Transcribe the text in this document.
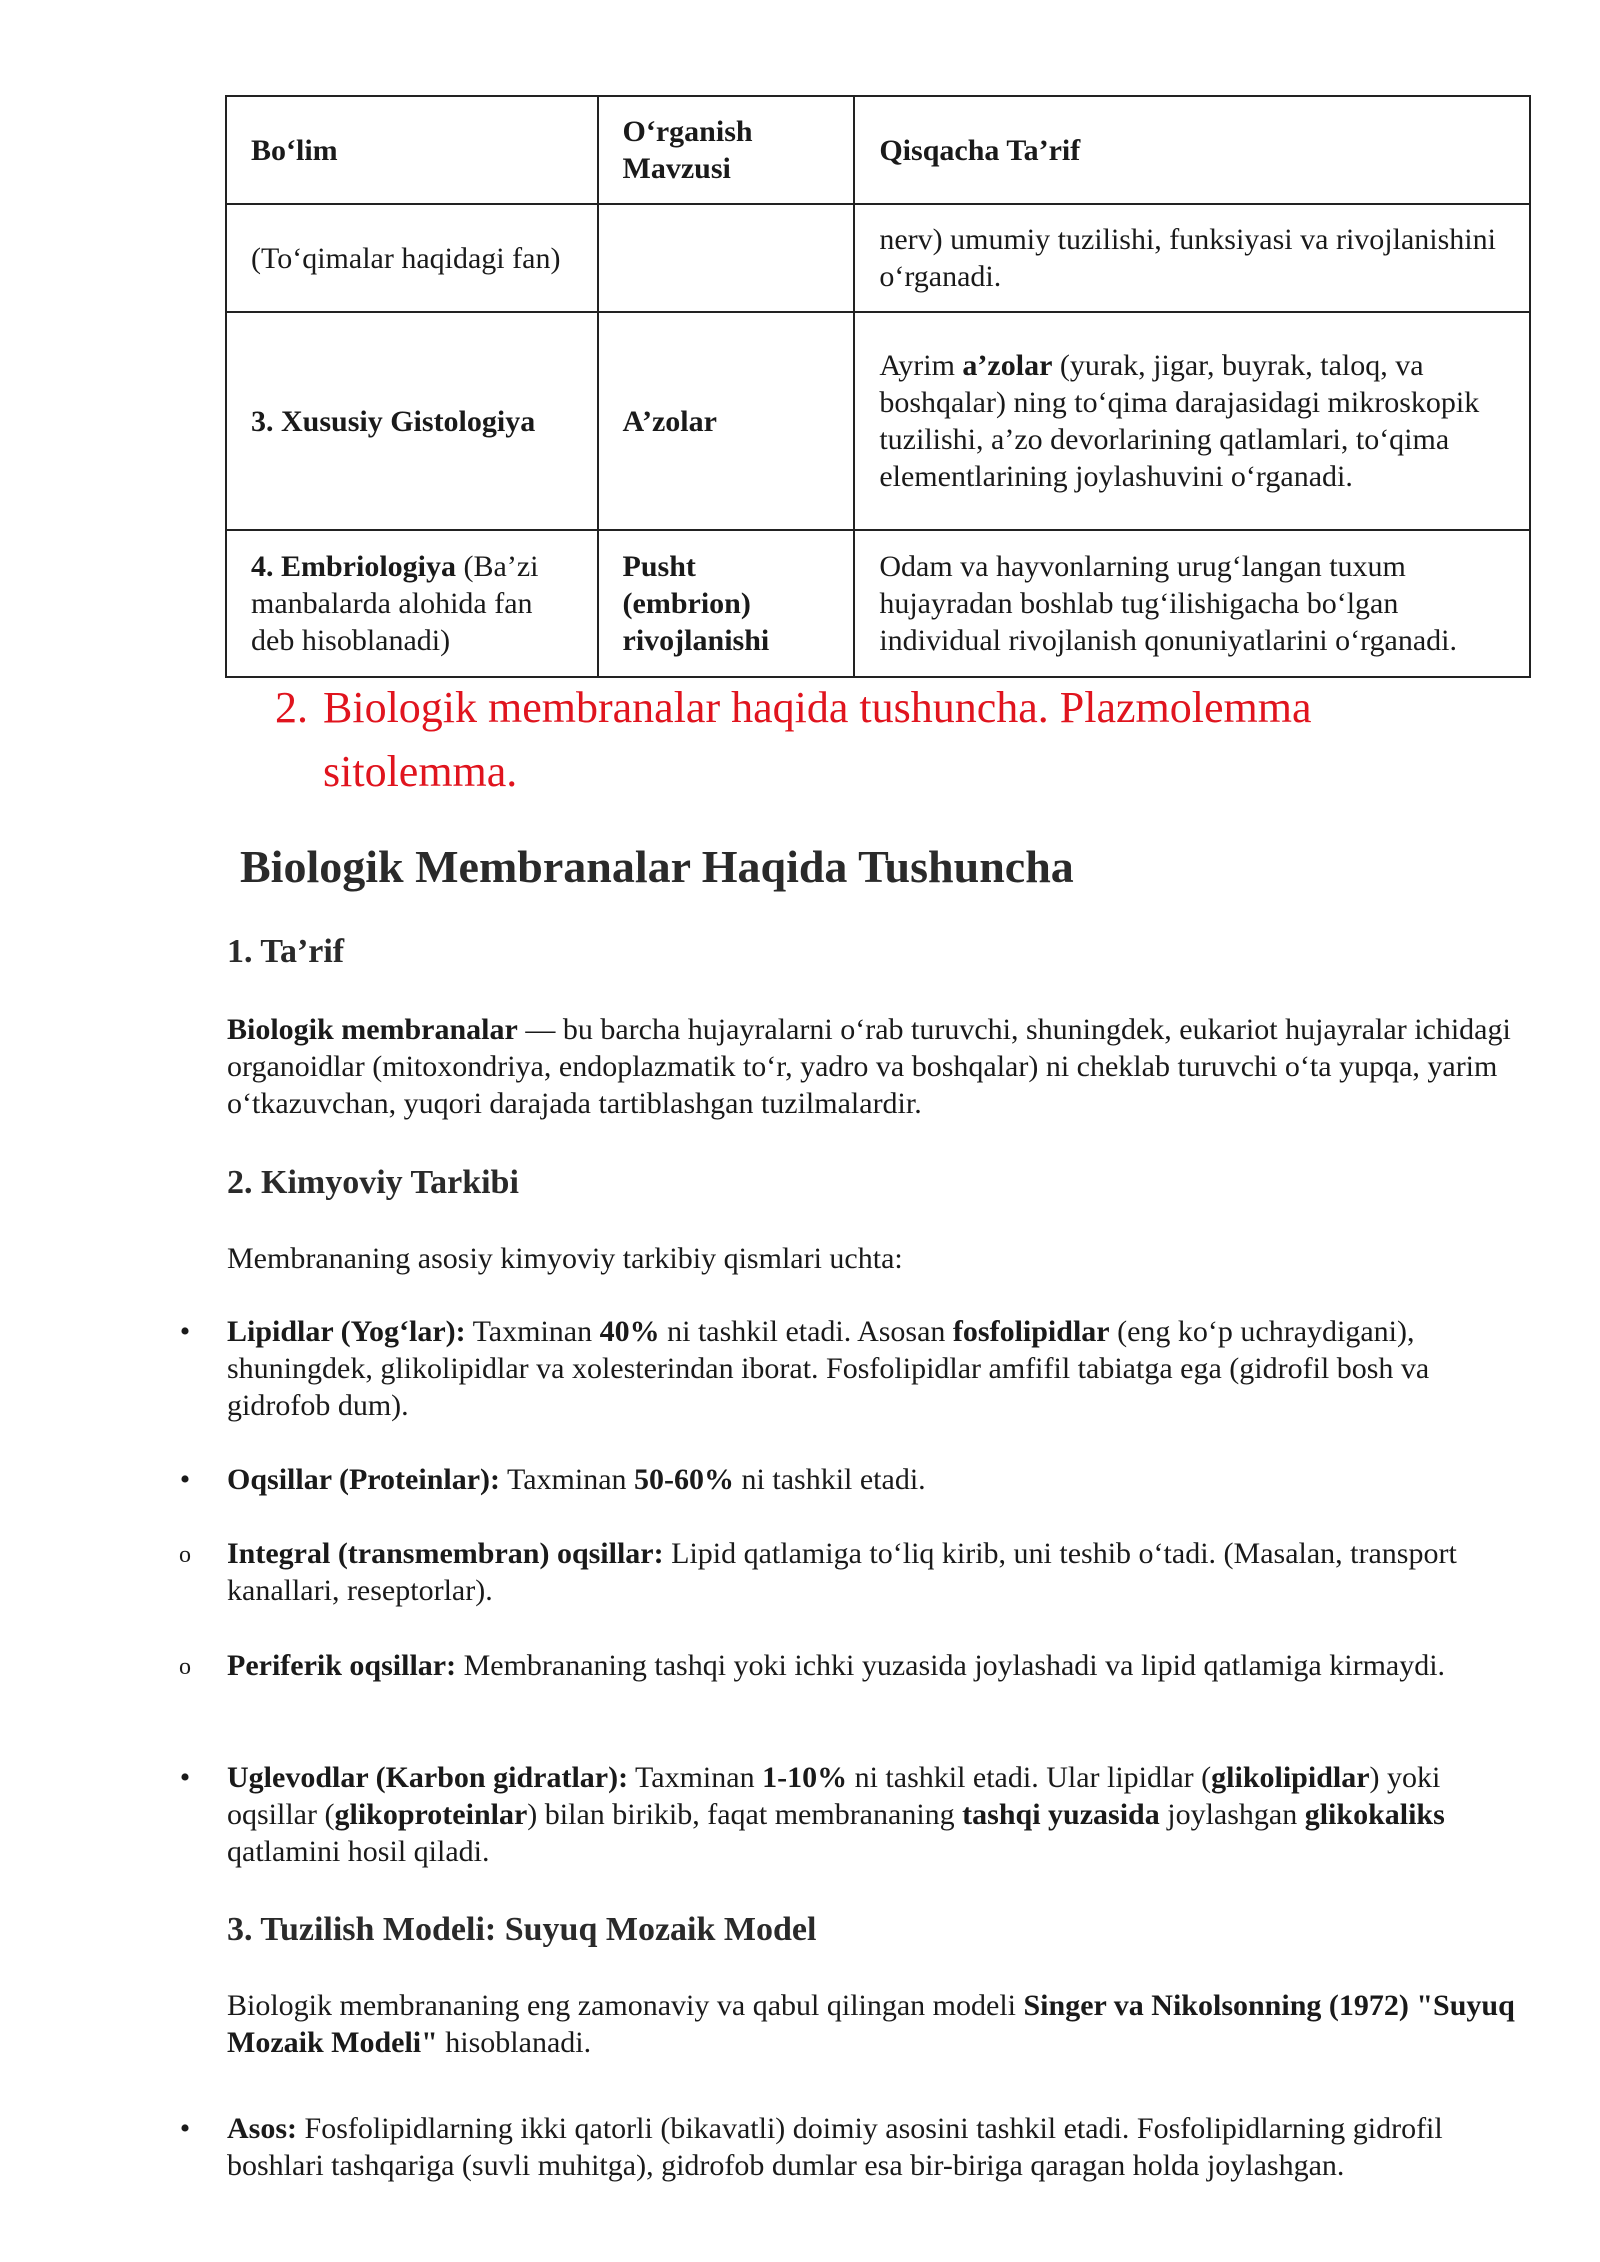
Bo‘lim	O‘rganish Mavzusi	Qisqacha Ta’rif
(To‘qimalar haqidagi fan)		nerv) umumiy tuzilishi, funksiyasi va rivojlanishini o‘rganadi.
3. Xususiy Gistologiya	A’zolar	Ayrim a’zolar (yurak, jigar, buyrak, taloq, va boshqalar) ning to‘qima darajasidagi mikroskopik tuzilishi, a’zo devorlarining qatlamlari, to‘qima elementlarining joylashuvini o‘rganadi.
4. Embriologiya (Ba’zi manbalarda alohida fan deb hisoblanadi)	Pusht (embrion) rivojlanishi	Odam va hayvonlarning urug‘langan tuxum hujayradan boshlab tug‘ilishigacha bo‘lgan individual rivojlanish qonuniyatlarini o‘rganadi.
2. Biologik membranalar haqida tushuncha. Plazmolemma sitolemma.
Biologik Membranalar Haqida Tushuncha
1. Ta’rif

Biologik membranalar — bu barcha hujayralarni o‘rab turuvchi, shuningdek, eukariot hujayralar ichidagi organoidlar (mitoxondriya, endoplazmatik to‘r, yadro va boshqalar) ni cheklab turuvchi o‘ta yupqa, yarim o‘tkazuvchan, yuqori darajada tartiblashgan tuzilmalardir.

2. Kimyoviy Tarkibi

Membrananing asosiy kimyoviy tarkibiy qismlari uchta:

• Lipidlar (Yog‘lar): Taxminan 40% ni tashkil etadi. Asosan fosfolipidlar (eng ko‘p uchraydigani), shuningdek, glikolipidlar va xolesterindan iborat. Fosfolipidlar amfifil tabiatga ega (gidrofil bosh va gidrofob dum).

• Oqsillar (Proteinlar): Taxminan 50-60% ni tashkil etadi.

o Integral (transmembran) oqsillar: Lipid qatlamiga to‘liq kirib, uni teshib o‘tadi. (Masalan, transport kanallari, reseptorlar).

o Periferik oqsillar: Membrananing tashqi yoki ichki yuzasida joylashadi va lipid qatlamiga kirmaydi.

• Uglevodlar (Karbon gidratlar): Taxminan 1-10% ni tashkil etadi. Ular lipidlar (glikolipidlar) yoki oqsillar (glikoproteinlar) bilan birikib, faqat membrananing tashqi yuzasida joylashgan glikokaliks qatlamini hosil qiladi.

3. Tuzilish Modeli: Suyuq Mozaik Model

Biologik membrananing eng zamonaviy va qabul qilingan modeli Singer va Nikolsonning (1972) "Suyuq Mozaik Modeli" hisoblanadi.

• Asos: Fosfolipidlarning ikki qatorli (bikavatli) doimiy asosini tashkil etadi. Fosfolipidlarning gidrofil boshlari tashqariga (suvli muhitga), gidrofob dumlar esa bir-biriga qaragan holda joylashgan.
